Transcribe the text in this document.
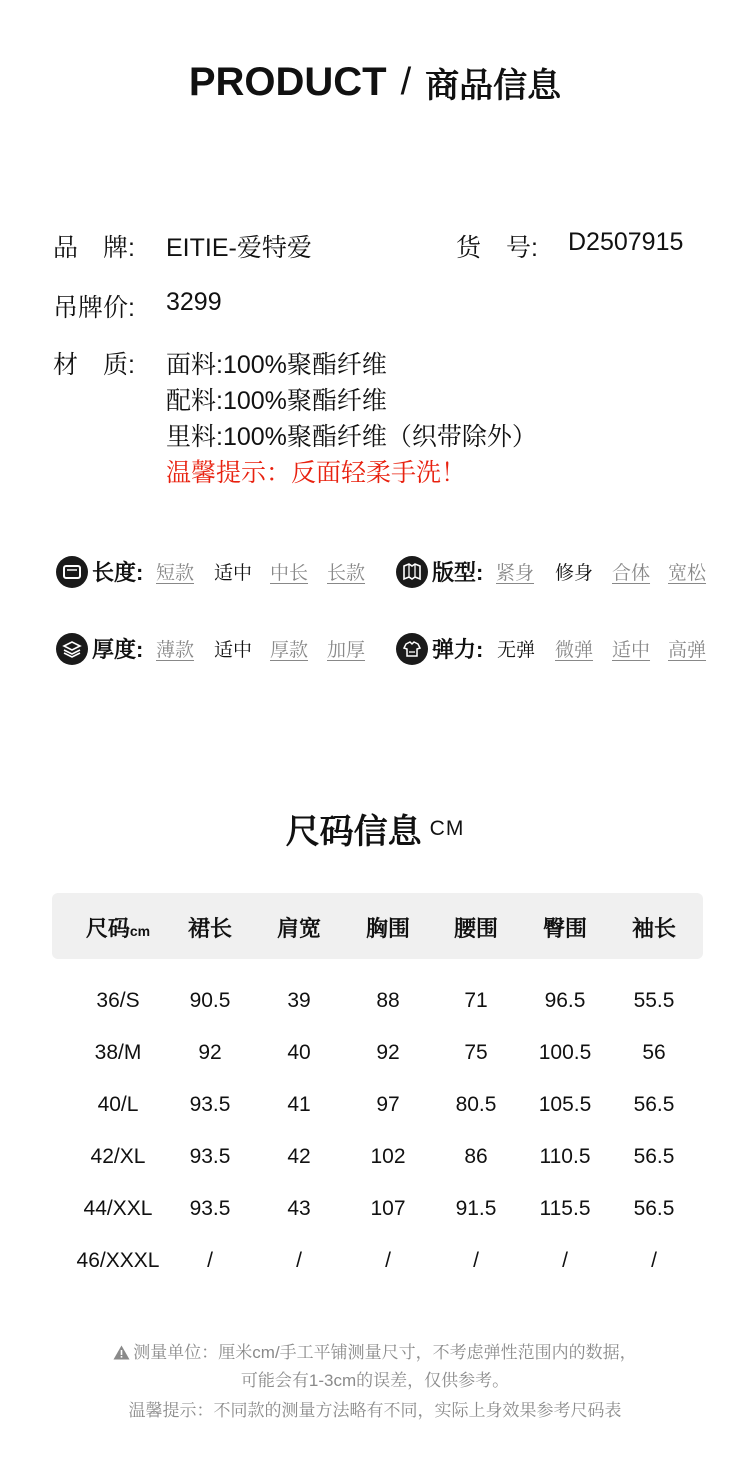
PRODUCT / 商品信息
品　牌: EITIE-爱特爱	货　号: D2507915
吊牌价: 3299
材　质: 面料:100%聚酯纤维
配料:100%聚酯纤维
里料:100%聚酯纤维（织带除外）
温馨提示：反面轻柔手洗！
长度: 短款 适中 中长 长款	版型: 紧身 修身 合体 宽松
厚度: 薄款 适中 厚款 加厚	弹力: 无弹 微弹 适中 高弹
尺码信息 CM
尺码cm 裙长 肩宽 胸围 腰围 臀围 袖长
36/S 90.5	39	88	71	96.5 55.5
38/M	92	40	92	75 100.5 56
40/L 93.5	41	97	80.5 105.5 56.5
42/XL 93.5	42	102	86 110.5 56.5
44/XXL 93.5	43	107 91.5 115.5 56.5
46/XXXL /	/	/	/	/	/
测量单位：厘米cm/手工平铺测量尺寸，不考虑弹性范围内的数据，
可能会有1-3cm的误差，仅供参考。
温馨提示：不同款的测量方法略有不同，实际上身效果参考尺码表
